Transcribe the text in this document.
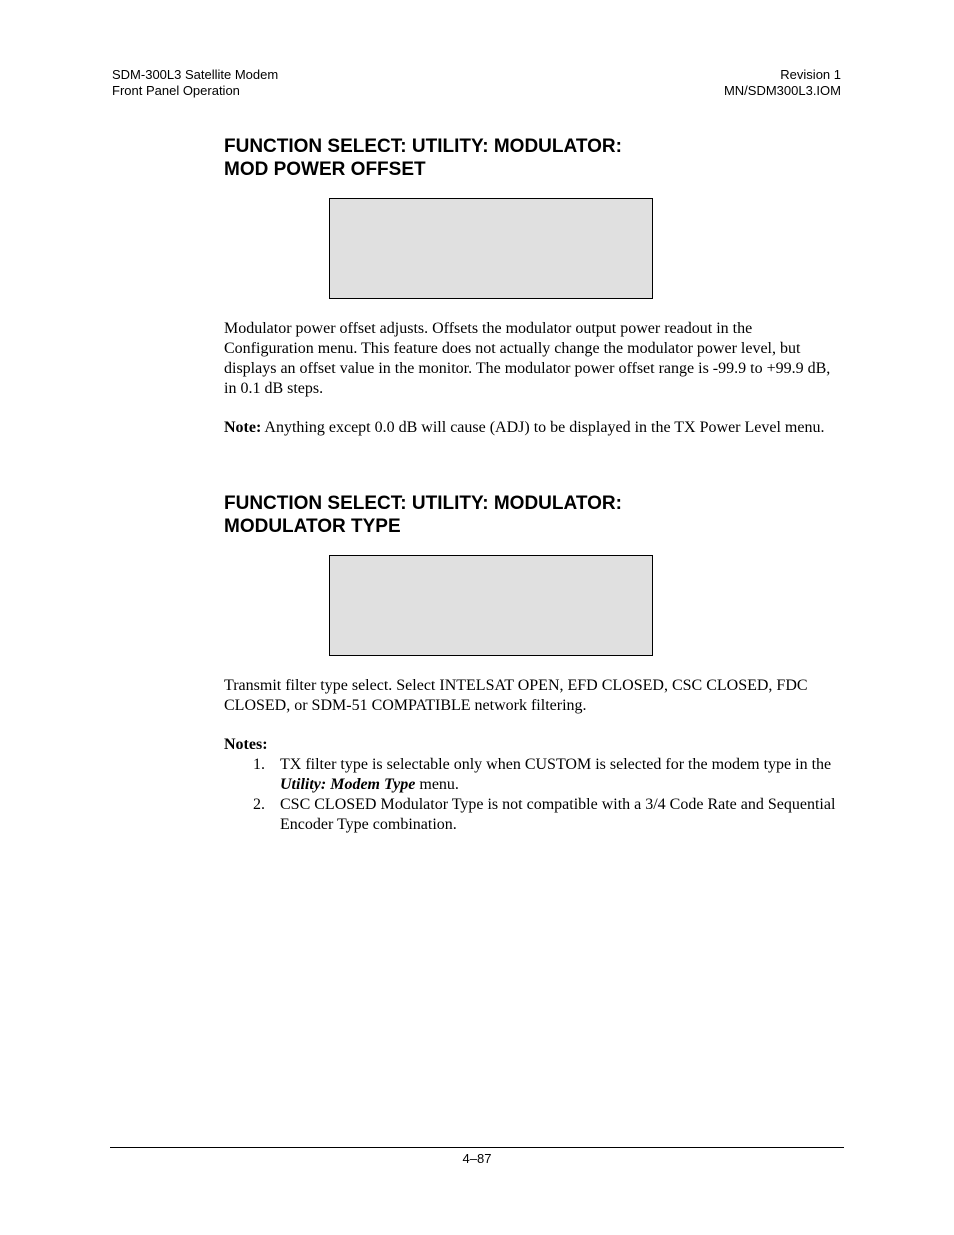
SDM-300L3 Satellite Modem
Front Panel Operation
Revision 1
MN/SDM300L3.IOM
FUNCTION SELECT: UTILITY: MODULATOR:
MOD POWER OFFSET

Modulator power offset adjusts. Offsets the modulator output power readout in the Configuration menu. This feature does not actually change the modulator power level, but displays an offset value in the monitor. The modulator power offset range is -99.9 to +99.9 dB, in 0.1 dB steps.

Note: Anything except 0.0 dB will cause (ADJ) to be displayed in the TX Power Level menu.

FUNCTION SELECT: UTILITY: MODULATOR:
MODULATOR TYPE

Transmit filter type select. Select INTELSAT OPEN, EFD CLOSED, CSC CLOSED, FDC CLOSED, or SDM-51 COMPATIBLE network filtering.

Notes:

1. TX filter type is selectable only when CUSTOM is selected for the modem type in the Utility: Modem Type menu.
2. CSC CLOSED Modulator Type is not compatible with a 3/4 Code Rate and Sequential Encoder Type combination.
4–87
